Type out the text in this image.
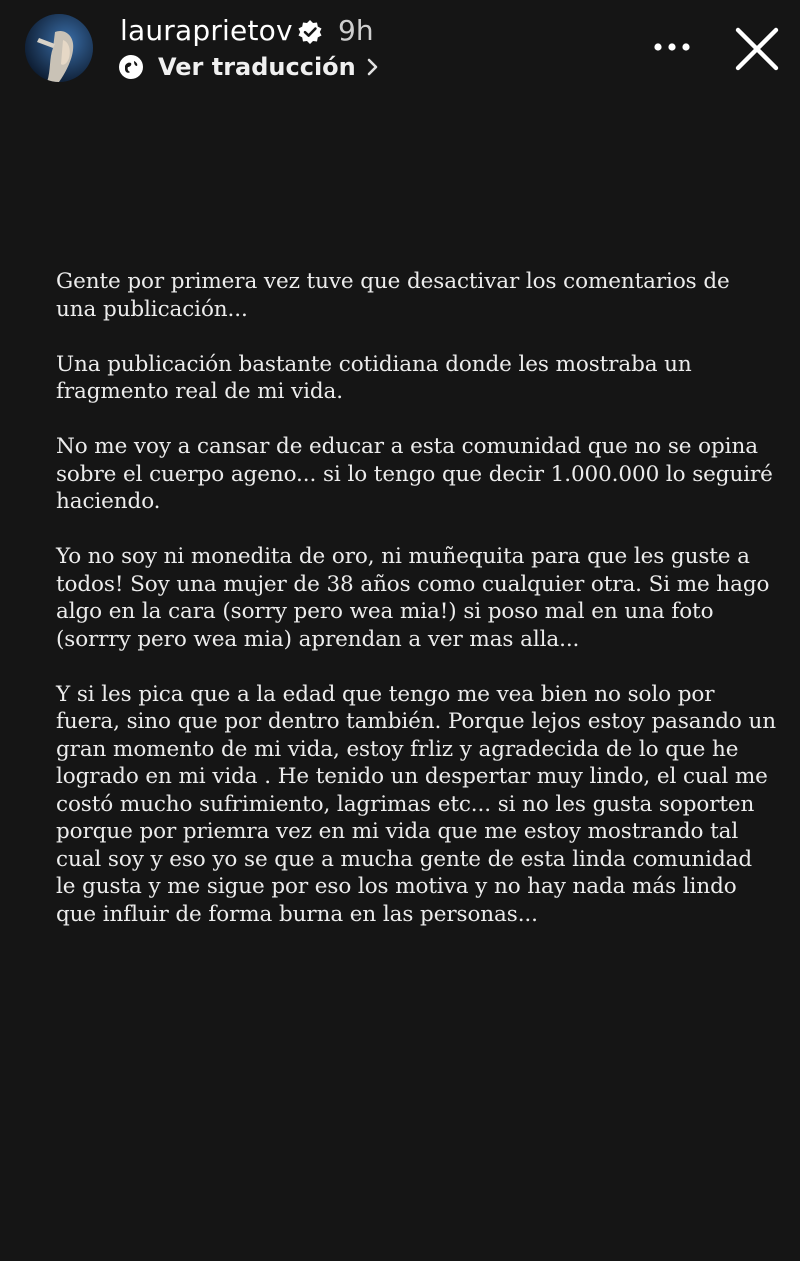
lauraprietov 9h
Ver traducción

Gente por primera vez tuve que desactivar los comentarios de una publicación...

Una publicación bastante cotidiana donde les mostraba un fragmento real de mi vida.

No me voy a cansar de educar a esta comunidad que no se opina sobre el cuerpo ageno... si lo tengo que decir 1.000.000 lo seguiré haciendo.

Yo no soy ni monedita de oro, ni muñequita para que les guste a todos! Soy una mujer de 38 años como cualquier otra. Si me hago algo en la cara (sorry pero wea mia!) si poso mal en una foto (sorrry pero wea mia) aprendan a ver mas alla...

Y si les pica que a la edad que tengo me vea bien no solo por fuera, sino que por dentro también. Porque lejos estoy pasando un gran momento de mi vida, estoy frliz y agradecida de lo que he logrado en mi vida . He tenido un despertar muy lindo, el cual me costó mucho sufrimiento, lagrimas etc... si no les gusta soporten porque por priemra vez en mi vida que me estoy mostrando tal cual soy y eso yo se que a mucha gente de esta linda comunidad le gusta y me sigue por eso los motiva y no hay nada más lindo que influir de forma burna en las personas...
